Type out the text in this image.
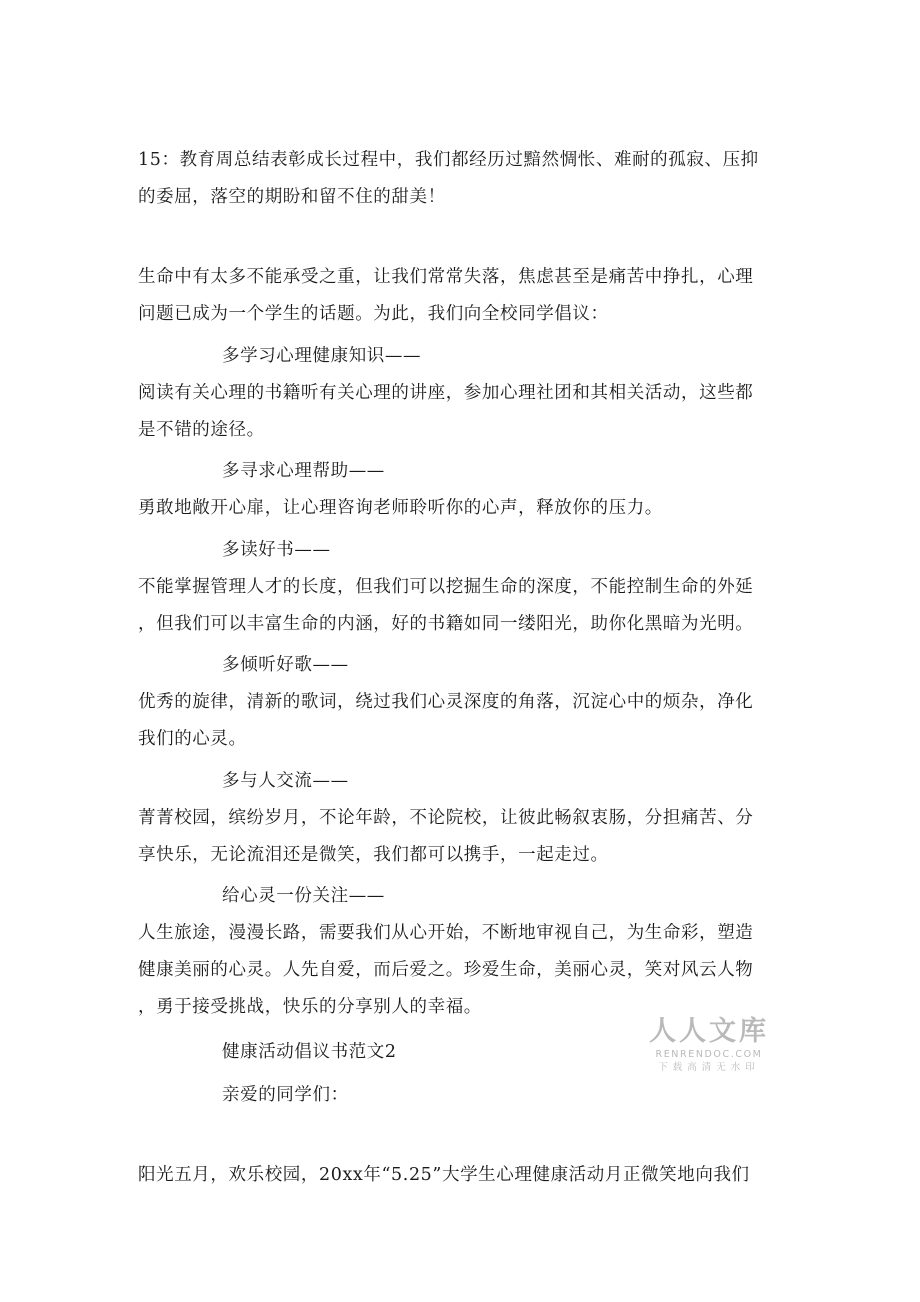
15：教育周总结表彰成长过程中，我们都经历过黯然惆怅、难耐的孤寂、压抑
的委屈，落空的期盼和留不住的甜美！
生命中有太多不能承受之重，让我们常常失落，焦虑甚至是痛苦中挣扎，心理
问题已成为一个学生的话题。为此，我们向全校同学倡议：
多学习心理健康知识——
阅读有关心理的书籍听有关心理的讲座，参加心理社团和其相关活动，这些都
是不错的途径。
多寻求心理帮助——
勇敢地敞开心扉，让心理咨询老师聆听你的心声，释放你的压力。
多读好书——
不能掌握管理人才的长度，但我们可以挖掘生命的深度，不能控制生命的外延
，但我们可以丰富生命的内涵，好的书籍如同一缕阳光，助你化黑暗为光明。
多倾听好歌——
优秀的旋律，清新的歌词，绕过我们心灵深度的角落，沉淀心中的烦杂，净化
我们的心灵。
多与人交流——
菁菁校园，缤纷岁月，不论年龄，不论院校，让彼此畅叙衷肠，分担痛苦、分
享快乐，无论流泪还是微笑，我们都可以携手，一起走过。
给心灵一份关注——
人生旅途，漫漫长路，需要我们从心开始，不断地审视自己，为生命彩，塑造
健康美丽的心灵。人先自爱，而后爱之。珍爱生命，美丽心灵，笑对风云人物
，勇于接受挑战，快乐的分享别人的幸福。
健康活动倡议书范文2
亲爱的同学们：
阳光五月，欢乐校园，20xx年“5.25”大学生心理健康活动月正微笑地向我们
人人文库
RENRENDOC.COM
下载高清无水印
